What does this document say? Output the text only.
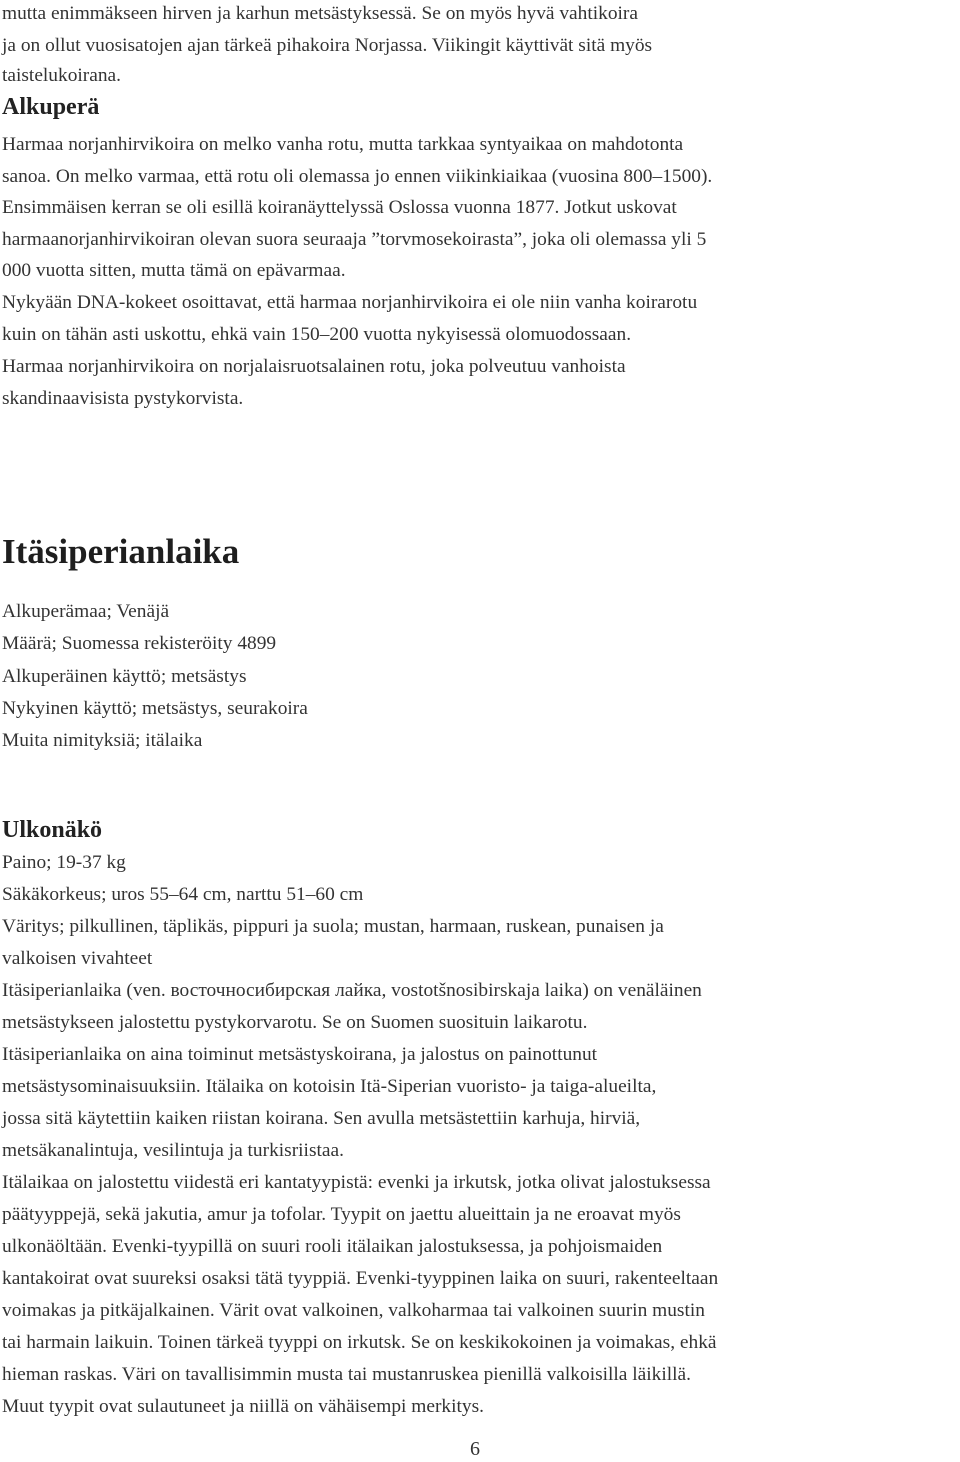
mutta enimmäkseen hirven ja karhun metsästyksessä. Se on myös hyvä vahtikoira
ja on ollut vuosisatojen ajan tärkeä pihakoira Norjassa. Viikingit käyttivät sitä myös
taistelukoirana.
Alkuperä
Harmaa norjanhirvikoira on melko vanha rotu, mutta tarkkaa syntyaikaa on mahdotonta
sanoa. On melko varmaa, että rotu oli olemassa jo ennen viikinkiaikaa (vuosina 800–1500).
Ensimmäisen kerran se oli esillä koiranäyttelyssä Oslossa vuonna 1877. Jotkut uskovat
harmaanorjanhirvikoiran olevan suora seuraaja ”torvmosekoirasta”, joka oli olemassa yli 5
000 vuotta sitten, mutta tämä on epävarmaa.
Nykyään DNA-kokeet osoittavat, että harmaa norjanhirvikoira ei ole niin vanha koirarotu
kuin on tähän asti uskottu, ehkä vain 150–200 vuotta nykyisessä olomuodossaan.
Harmaa norjanhirvikoira on norjalaisruotsalainen rotu, joka polveutuu vanhoista
skandinaavisista pystykorvista.
Itäsiperianlaika
Alkuperämaa; Venäjä
Määrä; Suomessa rekisteröity 4899
Alkuperäinen käyttö; metsästys
Nykyinen käyttö; metsästys, seurakoira
Muita nimityksiä; itälaika
Ulkonäkö
Paino; 19-37 kg
Säkäkorkeus; uros 55–64 cm, narttu 51–60 cm
Väritys; pilkullinen, täplikäs, pippuri ja suola; mustan, harmaan, ruskean, punaisen ja
valkoisen vivahteet
Itäsiperianlaika (ven. восточносибирская лайка, vostotšnosibirskaja laika) on venäläinen
metsästykseen jalostettu pystykorvarotu. Se on Suomen suosituin laikarotu.
Itäsiperianlaika on aina toiminut metsästyskoirana, ja jalostus on painottunut
metsästysominaisuuksiin. Itälaika on kotoisin Itä-Siperian vuoristo- ja taiga-alueilta,
jossa sitä käytettiin kaiken riistan koirana. Sen avulla metsästettiin karhuja, hirviä,
metsäkanalintuja, vesilintuja ja turkisriistaa.
Itälaikaa on jalostettu viidestä eri kantatyypistä: evenki ja irkutsk, jotka olivat jalostuksessa
päätyyppejä, sekä jakutia, amur ja tofolar. Tyypit on jaettu alueittain ja ne eroavat myös
ulkonäöltään. Evenki-tyypillä on suuri rooli itälaikan jalostuksessa, ja pohjoismaiden
kantakoirat ovat suureksi osaksi tätä tyyppiä. Evenki-tyyppinen laika on suuri, rakenteeltaan
voimakas ja pitkäjalkainen. Värit ovat valkoinen, valkoharmaa tai valkoinen suurin mustin
tai harmain laikuin. Toinen tärkeä tyyppi on irkutsk. Se on keskikokoinen ja voimakas, ehkä
hieman raskas. Väri on tavallisimmin musta tai mustanruskea pienillä valkoisilla läikillä.
Muut tyypit ovat sulautuneet ja niillä on vähäisempi merkitys.
6
